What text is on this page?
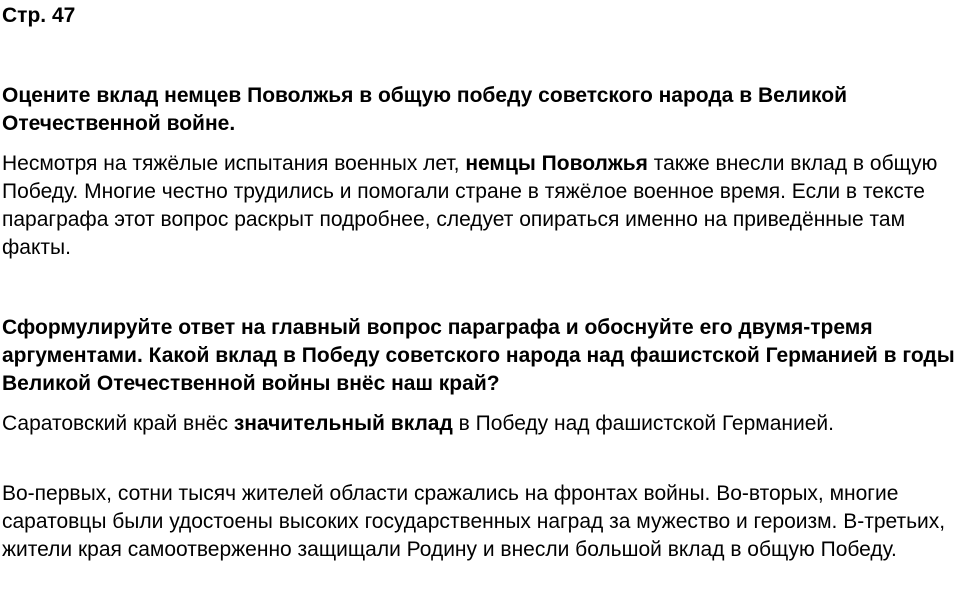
Стр. 47

Оцените вклад немцев Поволжья в общую победу советского народа в Великой Отечественной войне.

Несмотря на тяжёлые испытания военных лет, немцы Поволжья также внесли вклад в общую Победу. Многие честно трудились и помогали стране в тяжёлое военное время. Если в тексте параграфа этот вопрос раскрыт подробнее, следует опираться именно на приведённые там факты.

Сформулируйте ответ на главный вопрос параграфа и обоснуйте его двумя-тремя аргументами. Какой вклад в Победу советского народа над фашистской Германией в годы Великой Отечественной войны внёс наш край?

Саратовский край внёс значительный вклад в Победу над фашистской Германией.

Во-первых, сотни тысяч жителей области сражались на фронтах войны. Во-вторых, многие саратовцы были удостоены высоких государственных наград за мужество и героизм. В-третьих, жители края самоотверженно защищали Родину и внесли большой вклад в общую Победу.
